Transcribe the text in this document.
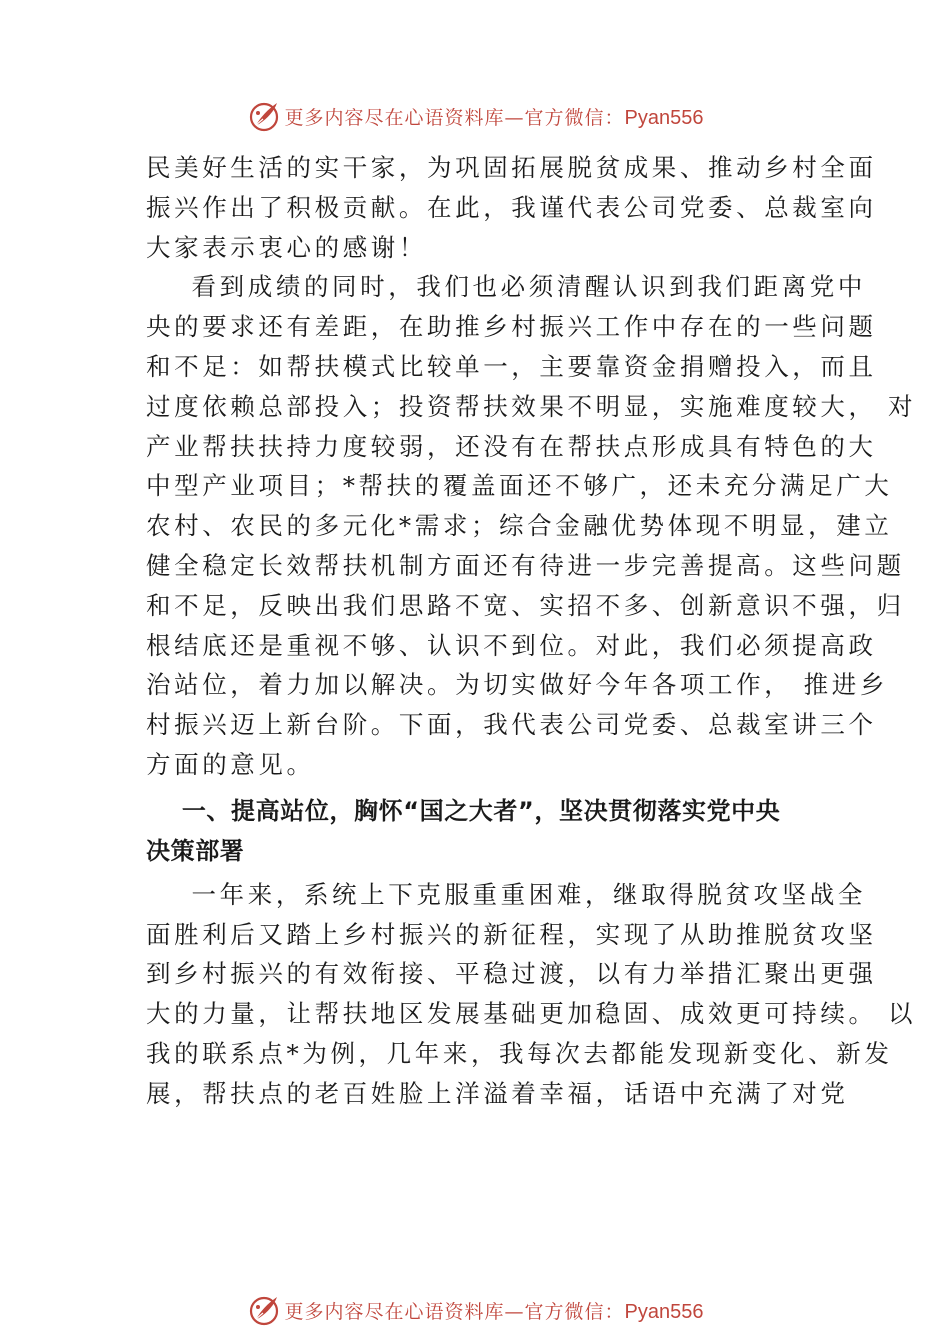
更多内容尽在心语资料库—官方微信：Pyan556
民美好生活的实干家，为巩固拓展脱贫成果、推动乡村全面
振兴作出了积极贡献。在此，我谨代表公司党委、总裁室向
大家表示衷心的感谢！
看到成绩的同时，我们也必须清醒认识到我们距离党中
央的要求还有差距，在助推乡村振兴工作中存在的一些问题
和不足：如帮扶模式比较单一，主要靠资金捐赠投入，而且
过度依赖总部投入；投资帮扶效果不明显，实施难度较大， 对
产业帮扶扶持力度较弱，还没有在帮扶点形成具有特色的大
中型产业项目；*帮扶的覆盖面还不够广，还未充分满足广大
农村、农民的多元化*需求；综合金融优势体现不明显，建立
健全稳定长效帮扶机制方面还有待进一步完善提高。这些问题
和不足，反映出我们思路不宽、实招不多、创新意识不强，归
根结底还是重视不够、认识不到位。对此，我们必须提高政
治站位，着力加以解决。为切实做好今年各项工作， 推进乡
村振兴迈上新台阶。下面，我代表公司党委、总裁室讲三个
方面的意见。
一、提高站位，胸怀“国之大者”，坚决贯彻落实党中央
决策部署
一年来，系统上下克服重重困难，继取得脱贫攻坚战全
面胜利后又踏上乡村振兴的新征程，实现了从助推脱贫攻坚
到乡村振兴的有效衔接、平稳过渡，以有力举措汇聚出更强
大的力量，让帮扶地区发展基础更加稳固、成效更可持续。 以
我的联系点*为例，几年来，我每次去都能发现新变化、新发
展，帮扶点的老百姓脸上洋溢着幸福，话语中充满了对党
更多内容尽在心语资料库—官方微信：Pyan556
